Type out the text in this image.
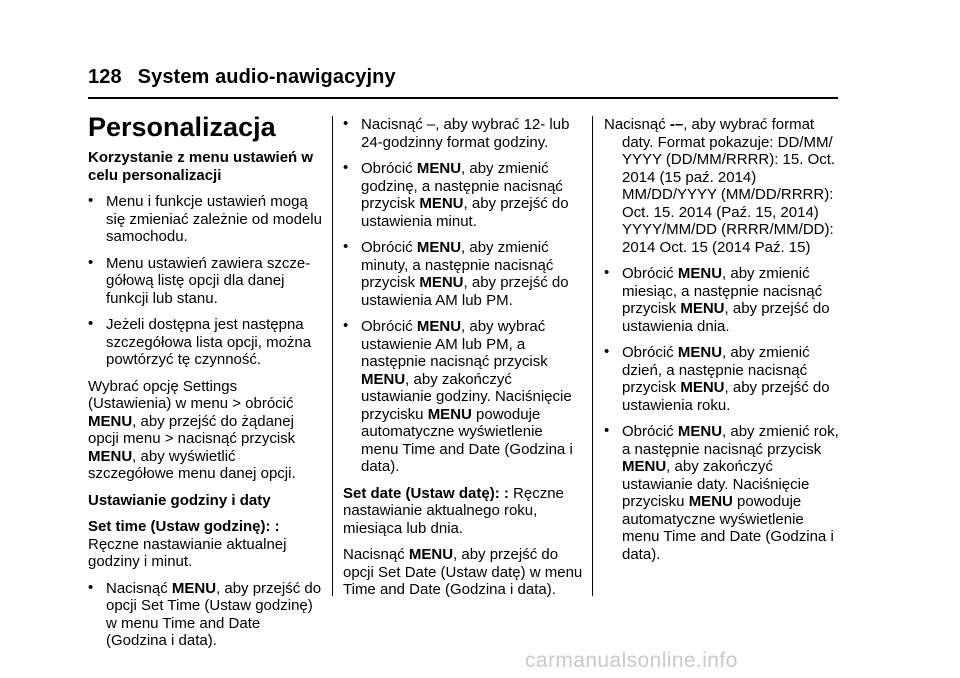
128 System audio-nawigacyjny
Personalizacja
Korzystanie z menu ustawień w celu personalizacji
• Menu i funkcje ustawień mogą się zmieniać zależnie od modelu samochodu.
• Menu ustawień zawiera szcze-gółową listę opcji dla danej funkcji lub stanu.
• Jeżeli dostępna jest następna szczegółowa lista opcji, można powtórzyć tę czynność.

Wybrać opcję Settings (Ustawienia) w menu > obrócić MENU, aby przejść do żądanej opcji menu > nacisnąć przycisk MENU, aby wyświetlić szczegółowe menu danej opcji.

Ustawianie godziny i daty

Set time (Ustaw godzinę): : Ręczne nastawianie aktualnej godziny i minut.

• Nacisnąć MENU, aby przejść do opcji Set Time (Ustaw godzinę) w menu Time and Date (Godzina i data).
• Nacisnąć –, aby wybrać 12- lub 24-godzinny format godziny.
• Obrócić MENU, aby zmienić godzinę, a następnie nacisnąć przycisk MENU, aby przejść do ustawienia minut.
• Obrócić MENU, aby zmienić minuty, a następnie nacisnąć przycisk MENU, aby przejść do ustawienia AM lub PM.
• Obrócić MENU, aby wybrać ustawienie AM lub PM, a następnie nacisnąć przycisk MENU, aby zakończyć ustawianie godziny. Naciśnięcie przycisku MENU powoduje automatyczne wyświetlenie menu Time and Date (Godzina i data).

Set date (Ustaw datę): : Ręczne nastawianie aktualnego roku, miesiąca lub dnia.

Nacisnąć MENU, aby przejść do opcji Set Date (Ustaw datę) w menu Time and Date (Godzina i data).

Nacisnąć -–, aby wybrać format daty. Format pokazuje: DD/MM/ YYYY (DD/MM/RRRR): 15. Oct. 2014 (15 paź. 2014) MM/DD/YYYY (MM/DD/RRRR): Oct. 15. 2014 (Paź. 15, 2014) YYYY/MM/DD (RRRR/MM/DD): 2014 Oct. 15 (2014 Paź. 15)

• Obrócić MENU, aby zmienić miesiąc, a następnie nacisnąć przycisk MENU, aby przejść do ustawienia dnia.
• Obrócić MENU, aby zmienić dzień, a następnie nacisnąć przycisk MENU, aby przejść do ustawienia roku.
• Obrócić MENU, aby zmienić rok, a następnie nacisnąć przycisk MENU, aby zakończyć ustawianie daty. Naciśnięcie przycisku MENU powoduje automatyczne wyświetlenie menu Time and Date (Godzina i data).
carmanualsonline.info
